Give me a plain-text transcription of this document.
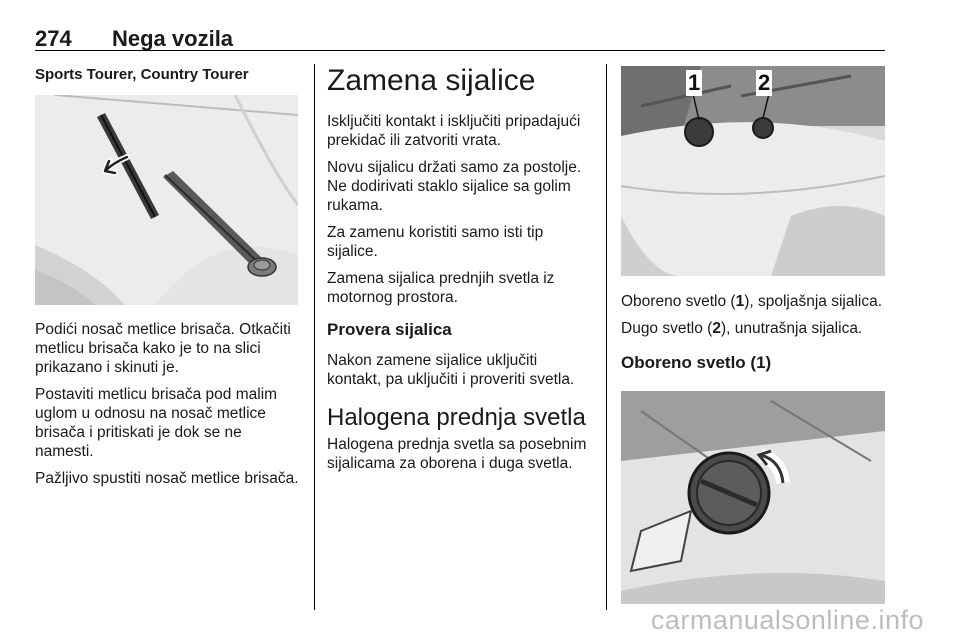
274 Nega vozila
Sports Tourer, Country Tourer

Podići nosač metlice brisača. Otkačiti metlicu brisača kako je to na slici prikazano i skinuti je.

Postaviti metlicu brisača pod malim uglom u odnosu na nosač metlice brisača i pritiskati je dok se ne namesti.

Pažljivo spustiti nosač metlice brisača.

Zamena sijalice

Isključiti kontakt i isključiti pripadajući prekidač ili zatvoriti vrata.

Novu sijalicu držati samo za postolje. Ne dodirivati staklo sijalice sa golim rukama.

Za zamenu koristiti samo isti tip sijalice.

Zamena sijalica prednjih svetla iz motornog prostora.

Provera sijalica

Nakon zamene sijalice uključiti kontakt, pa uključiti i proveriti svetla.

Halogena prednja svetla

Halogena prednja svetla sa posebnim sijalicama za oborena i duga svetla.

1	2

Oboreno svetlo (1), spoljašnja sijalica.

Dugo svetlo (2), unutrašnja sijalica.

Oboreno svetlo (1)
carmanualsonline.info
